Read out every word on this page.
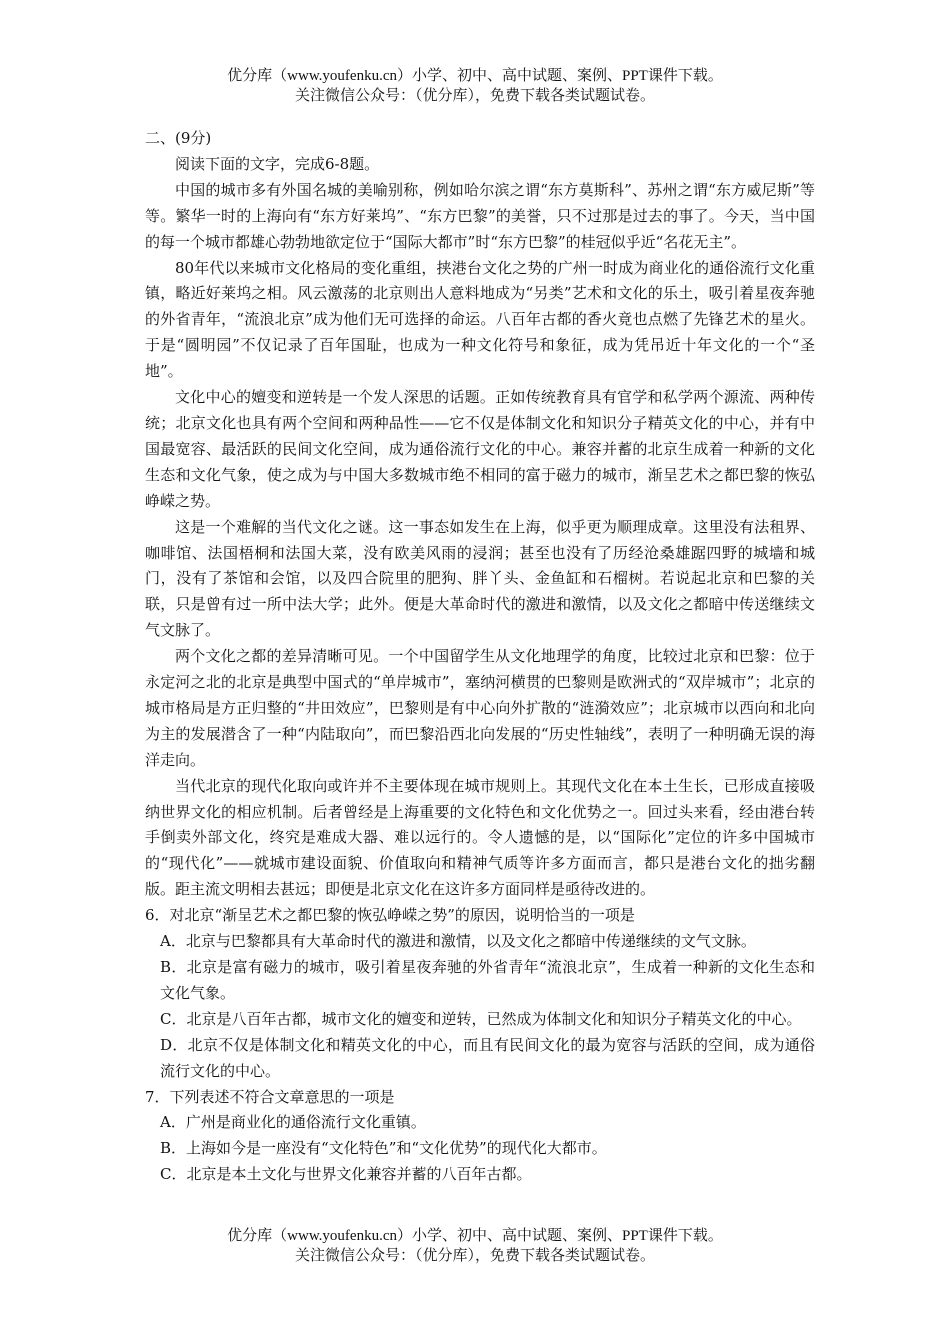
优分库（www.youfenku.cn）小学、初中、高中试题、案例、PPT课件下载。
关注微信公众号：（优分库），免费下载各类试题试卷。

二、(9分)

阅读下面的文字，完成6-8题。

中国的城市多有外国名城的美喻别称，例如哈尔滨之谓“东方莫斯科”、苏州之谓“东方威尼斯”等等。繁华一时的上海向有“东方好莱坞”、“东方巴黎”的美誉，只不过那是过去的事了。今天，当中国的每一个城市都雄心勃勃地欲定位于“国际大都市”时“东方巴黎”的桂冠似乎近“名花无主”。

80年代以来城市文化格局的变化重组，挟港台文化之势的广州一时成为商业化的通俗流行文化重镇，略近好莱坞之相。风云激荡的北京则出人意料地成为“另类”艺术和文化的乐土，吸引着星夜奔驰的外省青年，“流浪北京”成为他们无可选择的命运。八百年古都的香火竟也点燃了先锋艺术的星火。于是“圆明园”不仅记录了百年国耻，也成为一种文化符号和象征，成为凭吊近十年文化的一个“圣地”。

文化中心的嬗变和逆转是一个发人深思的话题。正如传统教育具有官学和私学两个源流、两种传统；北京文化也具有两个空间和两种品性——它不仅是体制文化和知识分子精英文化的中心，并有中国最宽容、最活跃的民间文化空间，成为通俗流行文化的中心。兼容并蓄的北京生成着一种新的文化生态和文化气象，使之成为与中国大多数城市绝不相同的富于磁力的城市，渐呈艺术之都巴黎的恢弘峥嵘之势。

这是一个难解的当代文化之谜。这一事态如发生在上海，似乎更为顺理成章。这里没有法租界、咖啡馆、法国梧桐和法国大菜，没有欧美风雨的浸润；甚至也没有了历经沧桑雄踞四野的城墙和城门，没有了茶馆和会馆，以及四合院里的肥狗、胖丫头、金鱼缸和石榴树。若说起北京和巴黎的关联，只是曾有过一所中法大学；此外。便是大革命时代的激进和激情，以及文化之都暗中传送继续文气文脉了。

两个文化之都的差异清晰可见。一个中国留学生从文化地理学的角度，比较过北京和巴黎：位于永定河之北的北京是典型中国式的“单岸城市”，塞纳河横贯的巴黎则是欧洲式的“双岸城市”；北京的城市格局是方正归整的“井田效应”，巴黎则是有中心向外扩散的“涟漪效应”；北京城市以西向和北向为主的发展潜含了一种“内陆取向”，而巴黎沿西北向发展的“历史性轴线”，表明了一种明确无误的海洋走向。

当代北京的现代化取向或许并不主要体现在城市规则上。其现代文化在本土生长，已形成直接吸纳世界文化的相应机制。后者曾经是上海重要的文化特色和文化优势之一。回过头来看，经由港台转手倒卖外部文化，终究是难成大器、难以远行的。令人遗憾的是，以“国际化”定位的许多中国城市的“现代化”——就城市建设面貌、价值取向和精神气质等许多方面而言，都只是港台文化的拙劣翻版。距主流文明相去甚远；即便是北京文化在这许多方面同样是亟待改进的。

6．对北京“渐呈艺术之都巴黎的恢弘峥嵘之势”的原因，说明恰当的一项是

A．北京与巴黎都具有大革命时代的激进和激情，以及文化之都暗中传递继续的文气文脉。

B．北京是富有磁力的城市，吸引着星夜奔驰的外省青年“流浪北京”，生成着一种新的文化生态和文化气象。

C．北京是八百年古都，城市文化的嬗变和逆转，已然成为体制文化和知识分子精英文化的中心。

D．北京不仅是体制文化和精英文化的中心，而且有民间文化的最为宽容与活跃的空间，成为通俗流行文化的中心。

7．下列表述不符合文章意思的一项是

A．广州是商业化的通俗流行文化重镇。

B．上海如今是一座没有“文化特色”和“文化优势”的现代化大都市。

C．北京是本土文化与世界文化兼容并蓄的八百年古都。

优分库（www.youfenku.cn）小学、初中、高中试题、案例、PPT课件下载。
关注微信公众号：（优分库），免费下载各类试题试卷。
